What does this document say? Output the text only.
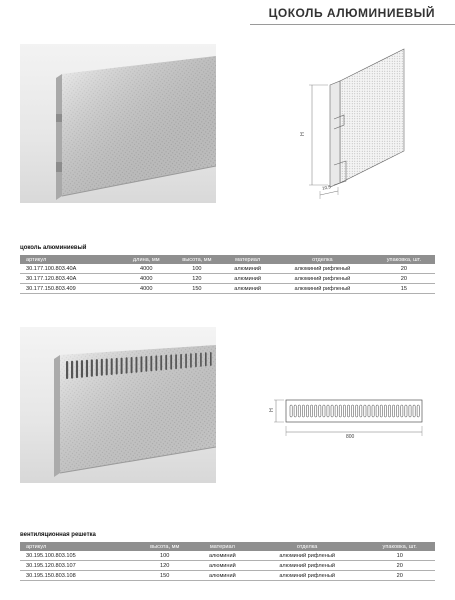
ЦОКОЛЬ АЛЮМИНИЕВЫЙ
H
10,5
цоколь алюминиевый
артикул	длина, мм	высота, мм	материал	отделка	упаковка, шт.
30.177.100.803.40A	4000	100	алюминий	алюминий рифленый	20
30.177.120.803.40A	4000	120	алюминий	алюминий рифленый	20
30.177.150.803.409	4000	150	алюминий	алюминий рифленый	15
H
800
вентиляционная решетка
артикул	высота, мм	материал	отделка	упаковка, шт.
30.195.100.803.105	100	алюминий	алюминий рифленый	10
30.195.120.803.107	120	алюминий	алюминий рифленый	20
30.195.150.803.108	150	алюминий	алюминий рифленый	20
